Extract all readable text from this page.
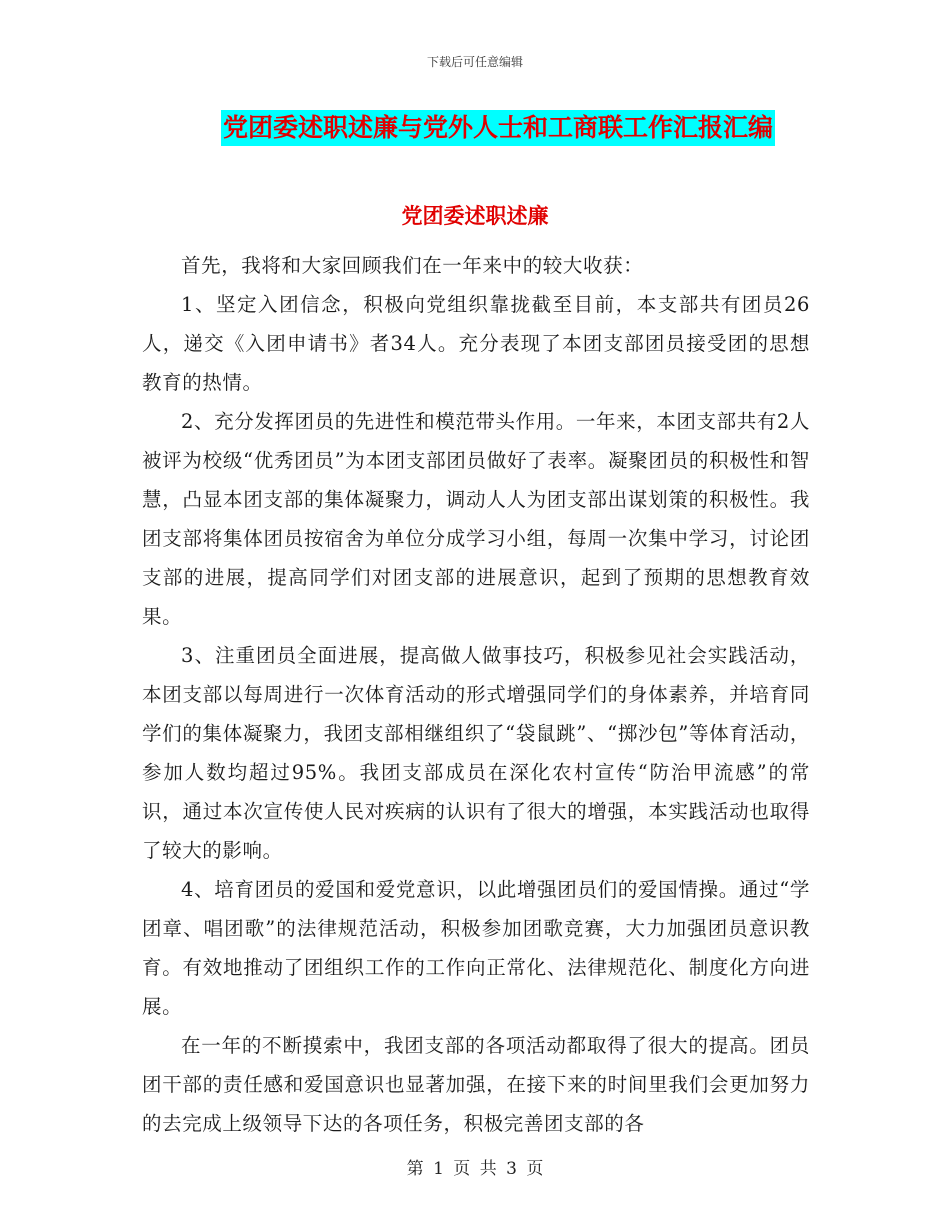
下载后可任意编辑
党团委述职述廉与党外人士和工商联工作汇报汇编
党团委述职述廉

首先，我将和大家回顾我们在一年来中的较大收获：

1、坚定入团信念，积极向党组织靠拢截至目前，本支部共有团员26人，递交《入团申请书》者34人。充分表现了本团支部团员接受团的思想教育的热情。

2、充分发挥团员的先进性和模范带头作用。一年来，本团支部共有2人被评为校级“优秀团员”为本团支部团员做好了表率。凝聚团员的积极性和智慧，凸显本团支部的集体凝聚力，调动人人为团支部出谋划策的积极性。我团支部将集体团员按宿舍为单位分成学习小组，每周一次集中学习，讨论团支部的进展，提高同学们对团支部的进展意识，起到了预期的思想教育效果。

3、注重团员全面进展，提高做人做事技巧，积极参见社会实践活动，本团支部以每周进行一次体育活动的形式增强同学们的身体素养，并培育同学们的集体凝聚力，我团支部相继组织了“袋鼠跳”、“掷沙包”等体育活动，参加人数均超过95%。我团支部成员在深化农村宣传“防治甲流感”的常识，通过本次宣传使人民对疾病的认识有了很大的增强，本实践活动也取得了较大的影响。

4、培育团员的爱国和爱党意识，以此增强团员们的爱国情操。通过“学团章、唱团歌”的法律规范活动，积极参加团歌竞赛，大力加强团员意识教育。有效地推动了团组织工作的工作向正常化、法律规范化、制度化方向进展。

在一年的不断摸索中，我团支部的各项活动都取得了很大的提高。团员团干部的责任感和爱国意识也显著加强，在接下来的时间里我们会更加努力的去完成上级领导下达的各项任务，积极完善团支部的各

第 1 页 共 3 页
